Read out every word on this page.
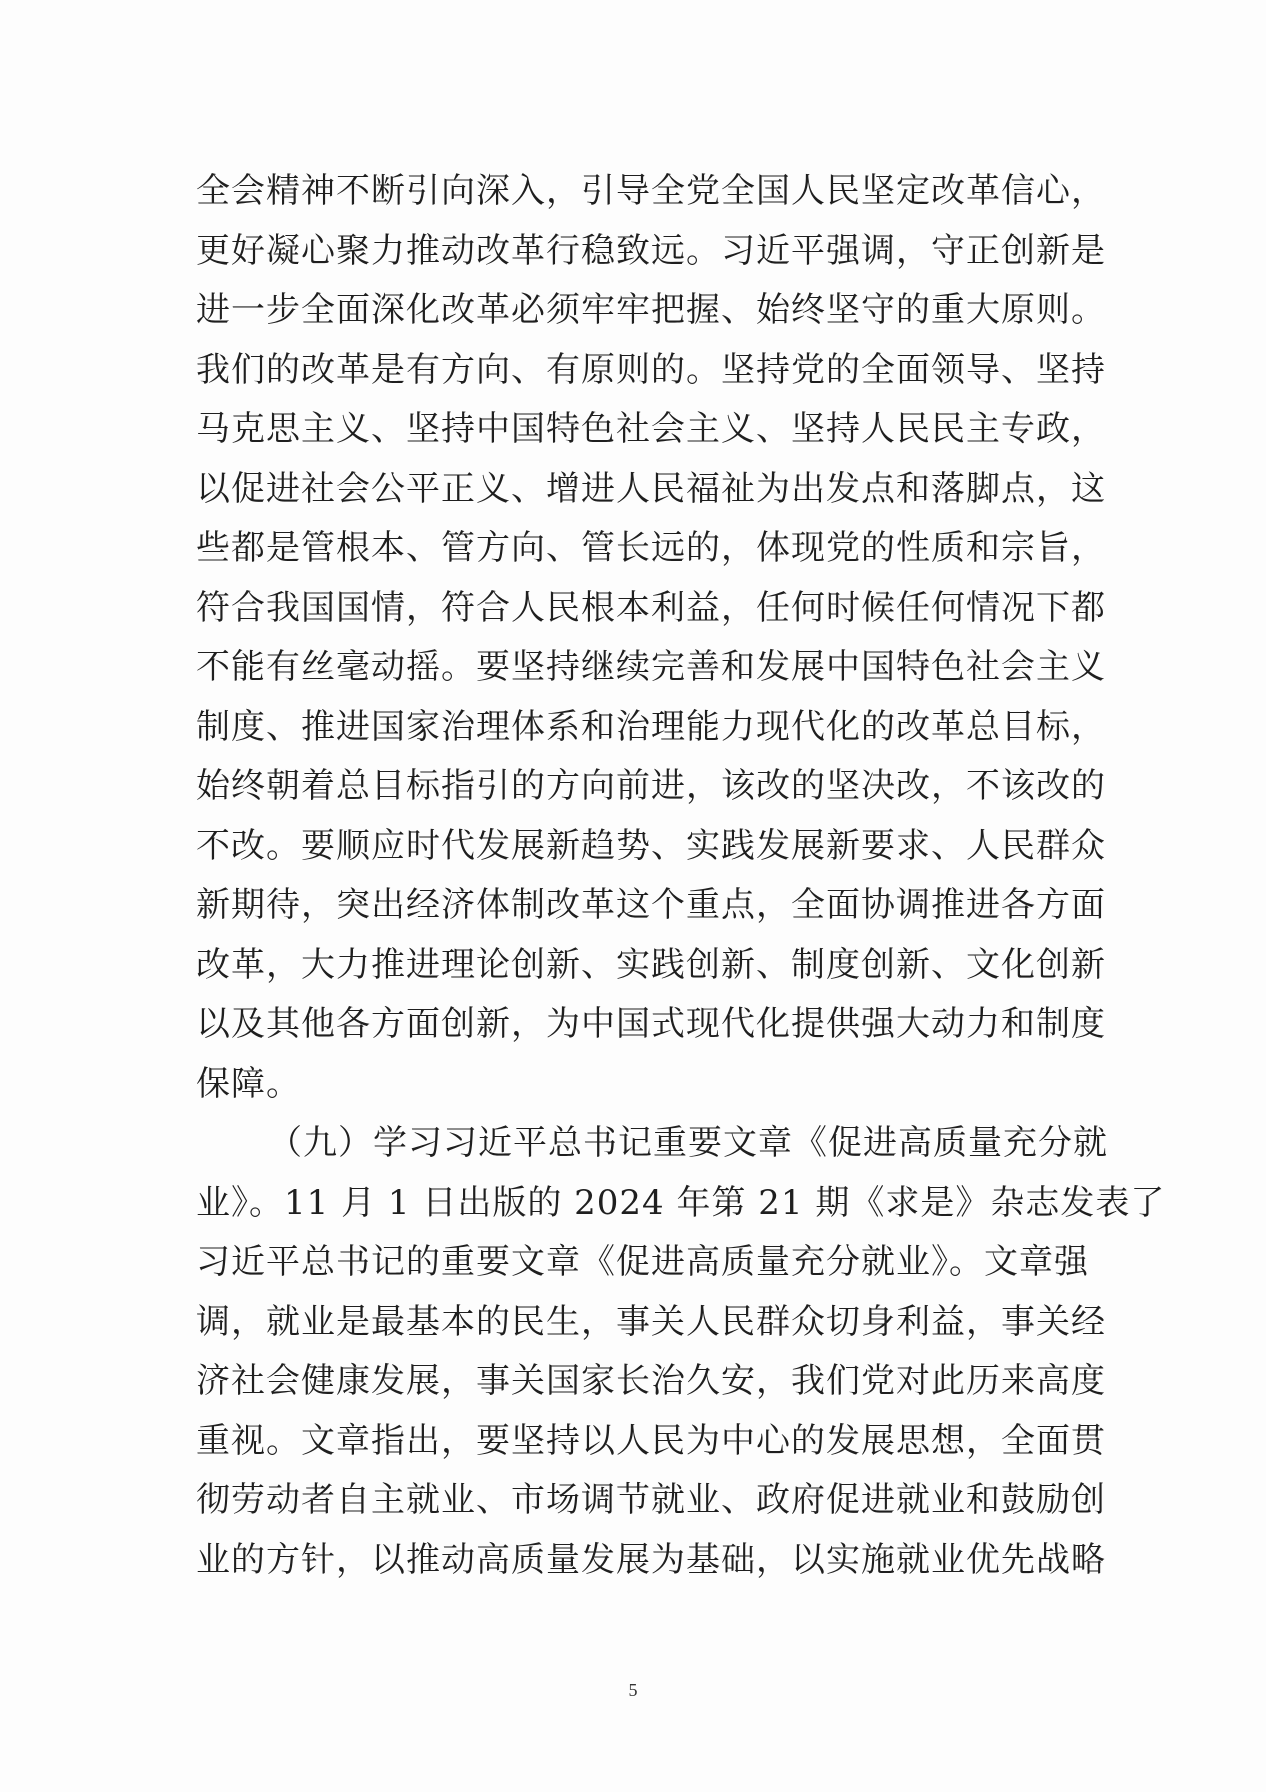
全会精神不断引向深入，引导全党全国人民坚定改革信心，
更好凝心聚力推动改革行稳致远。习近平强调，守正创新是
进一步全面深化改革必须牢牢把握、始终坚守的重大原则。
我们的改革是有方向、有原则的。坚持党的全面领导、坚持
马克思主义、坚持中国特色社会主义、坚持人民民主专政，
以促进社会公平正义、增进人民福祉为出发点和落脚点，这
些都是管根本、管方向、管长远的，体现党的性质和宗旨，
符合我国国情，符合人民根本利益，任何时候任何情况下都
不能有丝毫动摇。要坚持继续完善和发展中国特色社会主义
制度、推进国家治理体系和治理能力现代化的改革总目标，
始终朝着总目标指引的方向前进，该改的坚决改，不该改的
不改。要顺应时代发展新趋势、实践发展新要求、人民群众
新期待，突出经济体制改革这个重点，全面协调推进各方面
改革，大力推进理论创新、实践创新、制度创新、文化创新
以及其他各方面创新，为中国式现代化提供强大动力和制度
保障。
（九）学习习近平总书记重要文章《促进高质量充分就
业》。11 月 1 日出版的 2024 年第 21 期《求是》杂志发表了
习近平总书记的重要文章《促进高质量充分就业》。文章强
调，就业是最基本的民生，事关人民群众切身利益，事关经
济社会健康发展，事关国家长治久安，我们党对此历来高度
重视。文章指出，要坚持以人民为中心的发展思想，全面贯
彻劳动者自主就业、市场调节就业、政府促进就业和鼓励创
业的方针，以推动高质量发展为基础，以实施就业优先战略
5
